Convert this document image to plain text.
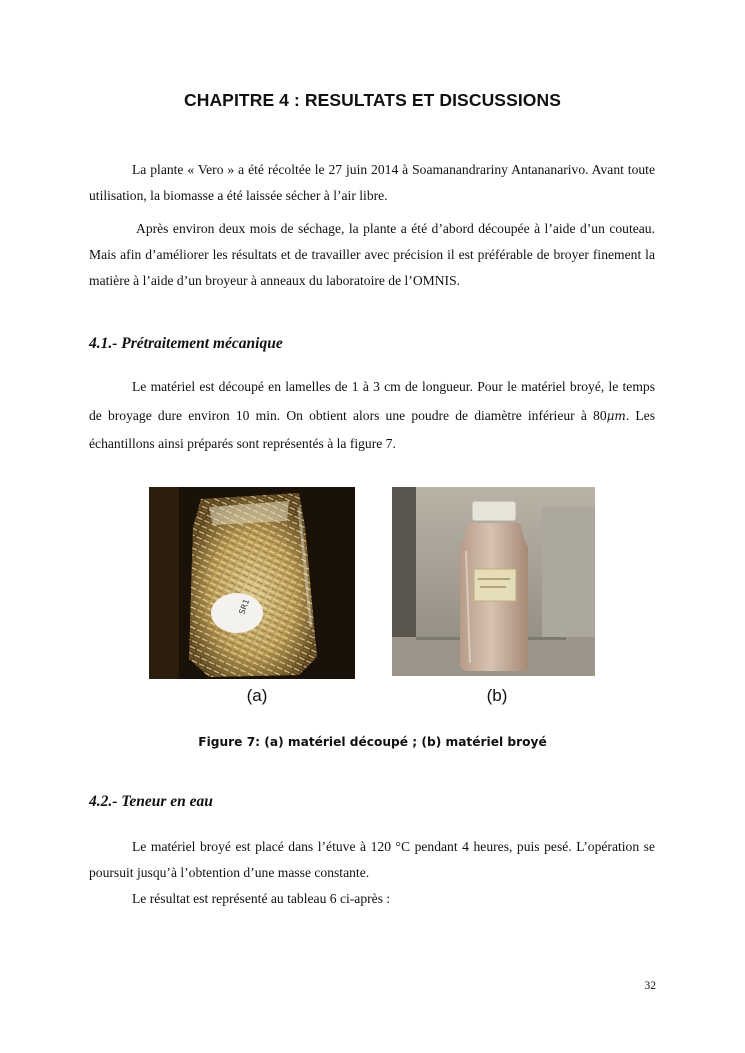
CHAPITRE 4 : RESULTATS ET DISCUSSIONS
La plante « Vero » a été récoltée le 27 juin 2014 à Soamanandrariny Antananarivo. Avant toute utilisation, la biomasse a été laissée sécher à l’air libre.
Après environ deux mois de séchage, la plante a été d’abord découpée à l’aide d’un couteau. Mais afin d’améliorer les résultats et de travailler avec précision il est préférable de broyer finement la matière à l’aide d’un broyeur à anneaux du laboratoire de l’OMNIS.
4.1.- Prétraitement mécanique
Le matériel est découpé en lamelles de 1 à 3 cm de longueur. Pour le matériel broyé, le temps de broyage dure environ 10 min. On obtient alors une poudre de diamètre inférieur à 80μm. Les échantillons ainsi préparés sont représentés à la figure 7.
SR1
(a)	(b)
Figure 7: (a) matériel découpé ; (b) matériel broyé
4.2.- Teneur en eau
Le matériel broyé est placé dans l’étuve à 120 °C pendant 4 heures, puis pesé. L’opération se poursuit jusqu’à l’obtention d’une masse constante.
Le résultat est représenté au tableau 6 ci-après :
32
